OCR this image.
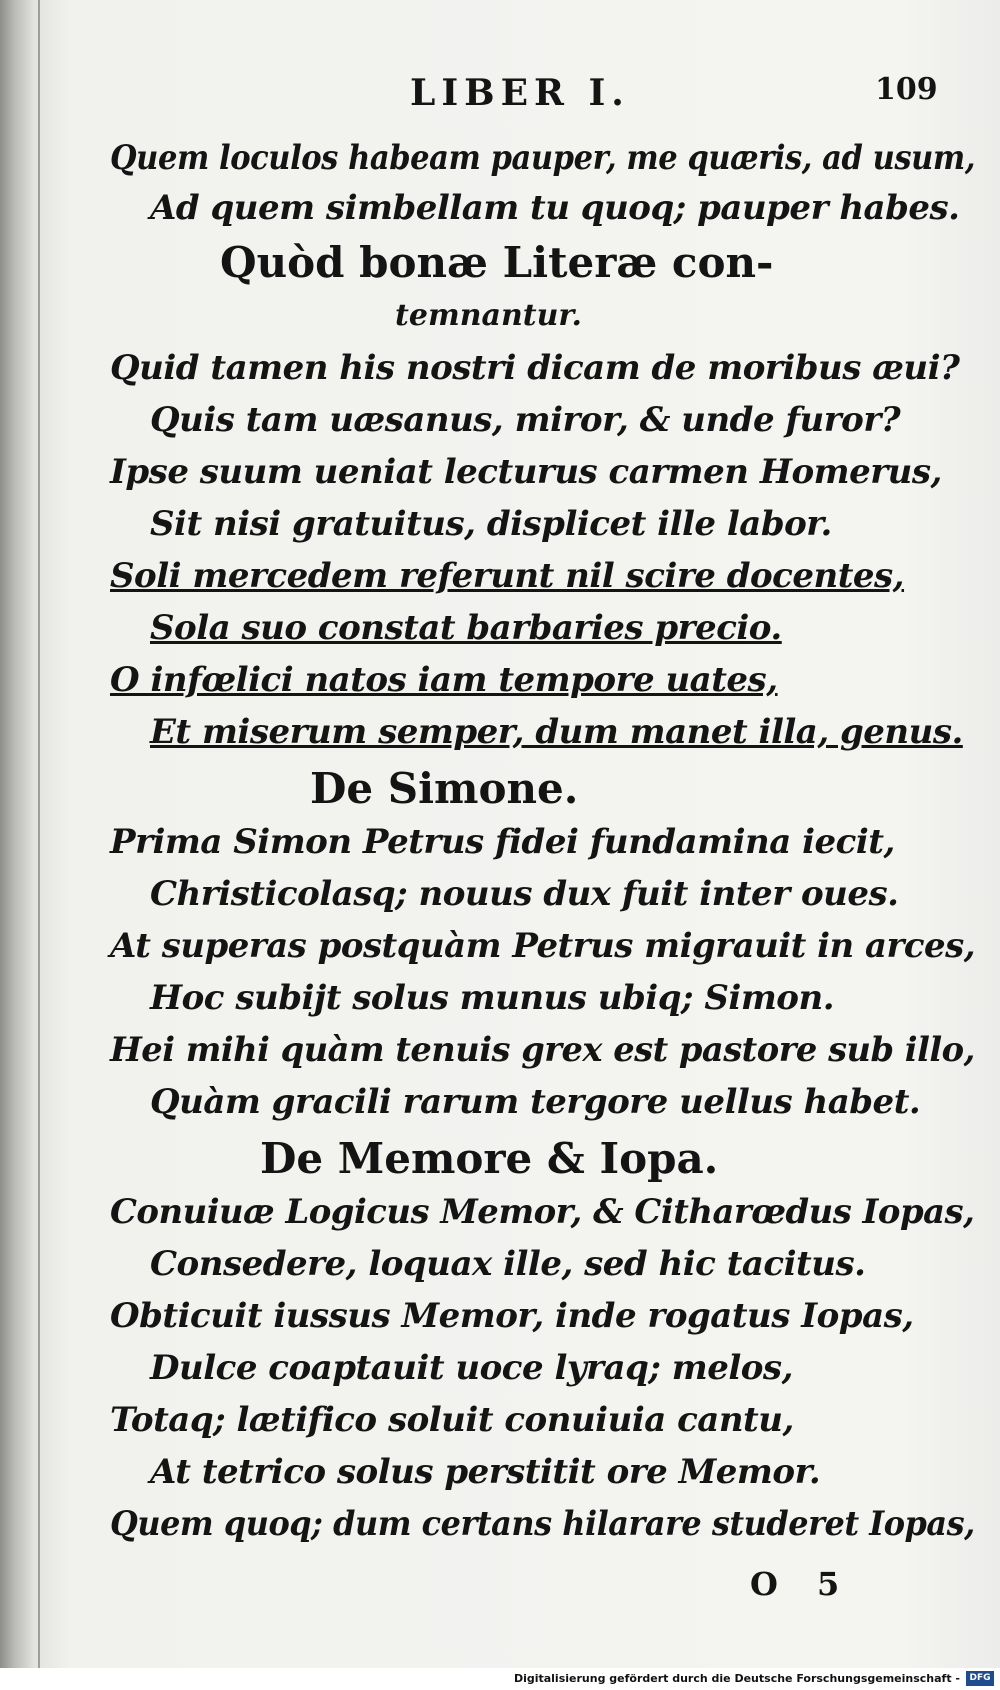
LIBER I.	109
Quem loculos habeam pauper, me quæris, ad usum,
Ad quem simbellam tu quoq; pauper habes.
Quòd bonæ Literæ con-
temnantur.
Quid tamen his nostri dicam de moribus æui?
Quis tam uæsanus, miror, & unde furor?
Ipse suum ueniat lecturus carmen Homerus,
Sit nisi gratuitus, displicet ille labor.
Soli mercedem referunt nil scire docentes,
Sola suo constat barbaries precio.
O infœlici natos iam tempore uates,
Et miserum semper, dum manet illa, genus.
De Simone.
Prima Simon Petrus fidei fundamina iecit,
Christicolasq; nouus dux fuit inter oues.
At superas postquàm Petrus migrauit in arces,
Hoc subijt solus munus ubiq; Simon.
Hei mihi quàm tenuis grex est pastore sub illo,
Quàm gracili rarum tergore uellus habet.
De Memore & Iopa.
Conuiuæ Logicus Memor, & Citharœdus Iopas,
Consedere, loquax ille, sed hic tacitus.
Obticuit iussus Memor, inde rogatus Iopas,
Dulce coaptauit uoce lyraq; melos,
Totaq; lætifico soluit conuiuia cantu,
At tetrico solus perstitit ore Memor.
Quem quoq; dum certans hilarare studeret Iopas,
O 5
Digitalisierung gefördert durch die Deutsche Forschungsgemeinschaft -	DFG
